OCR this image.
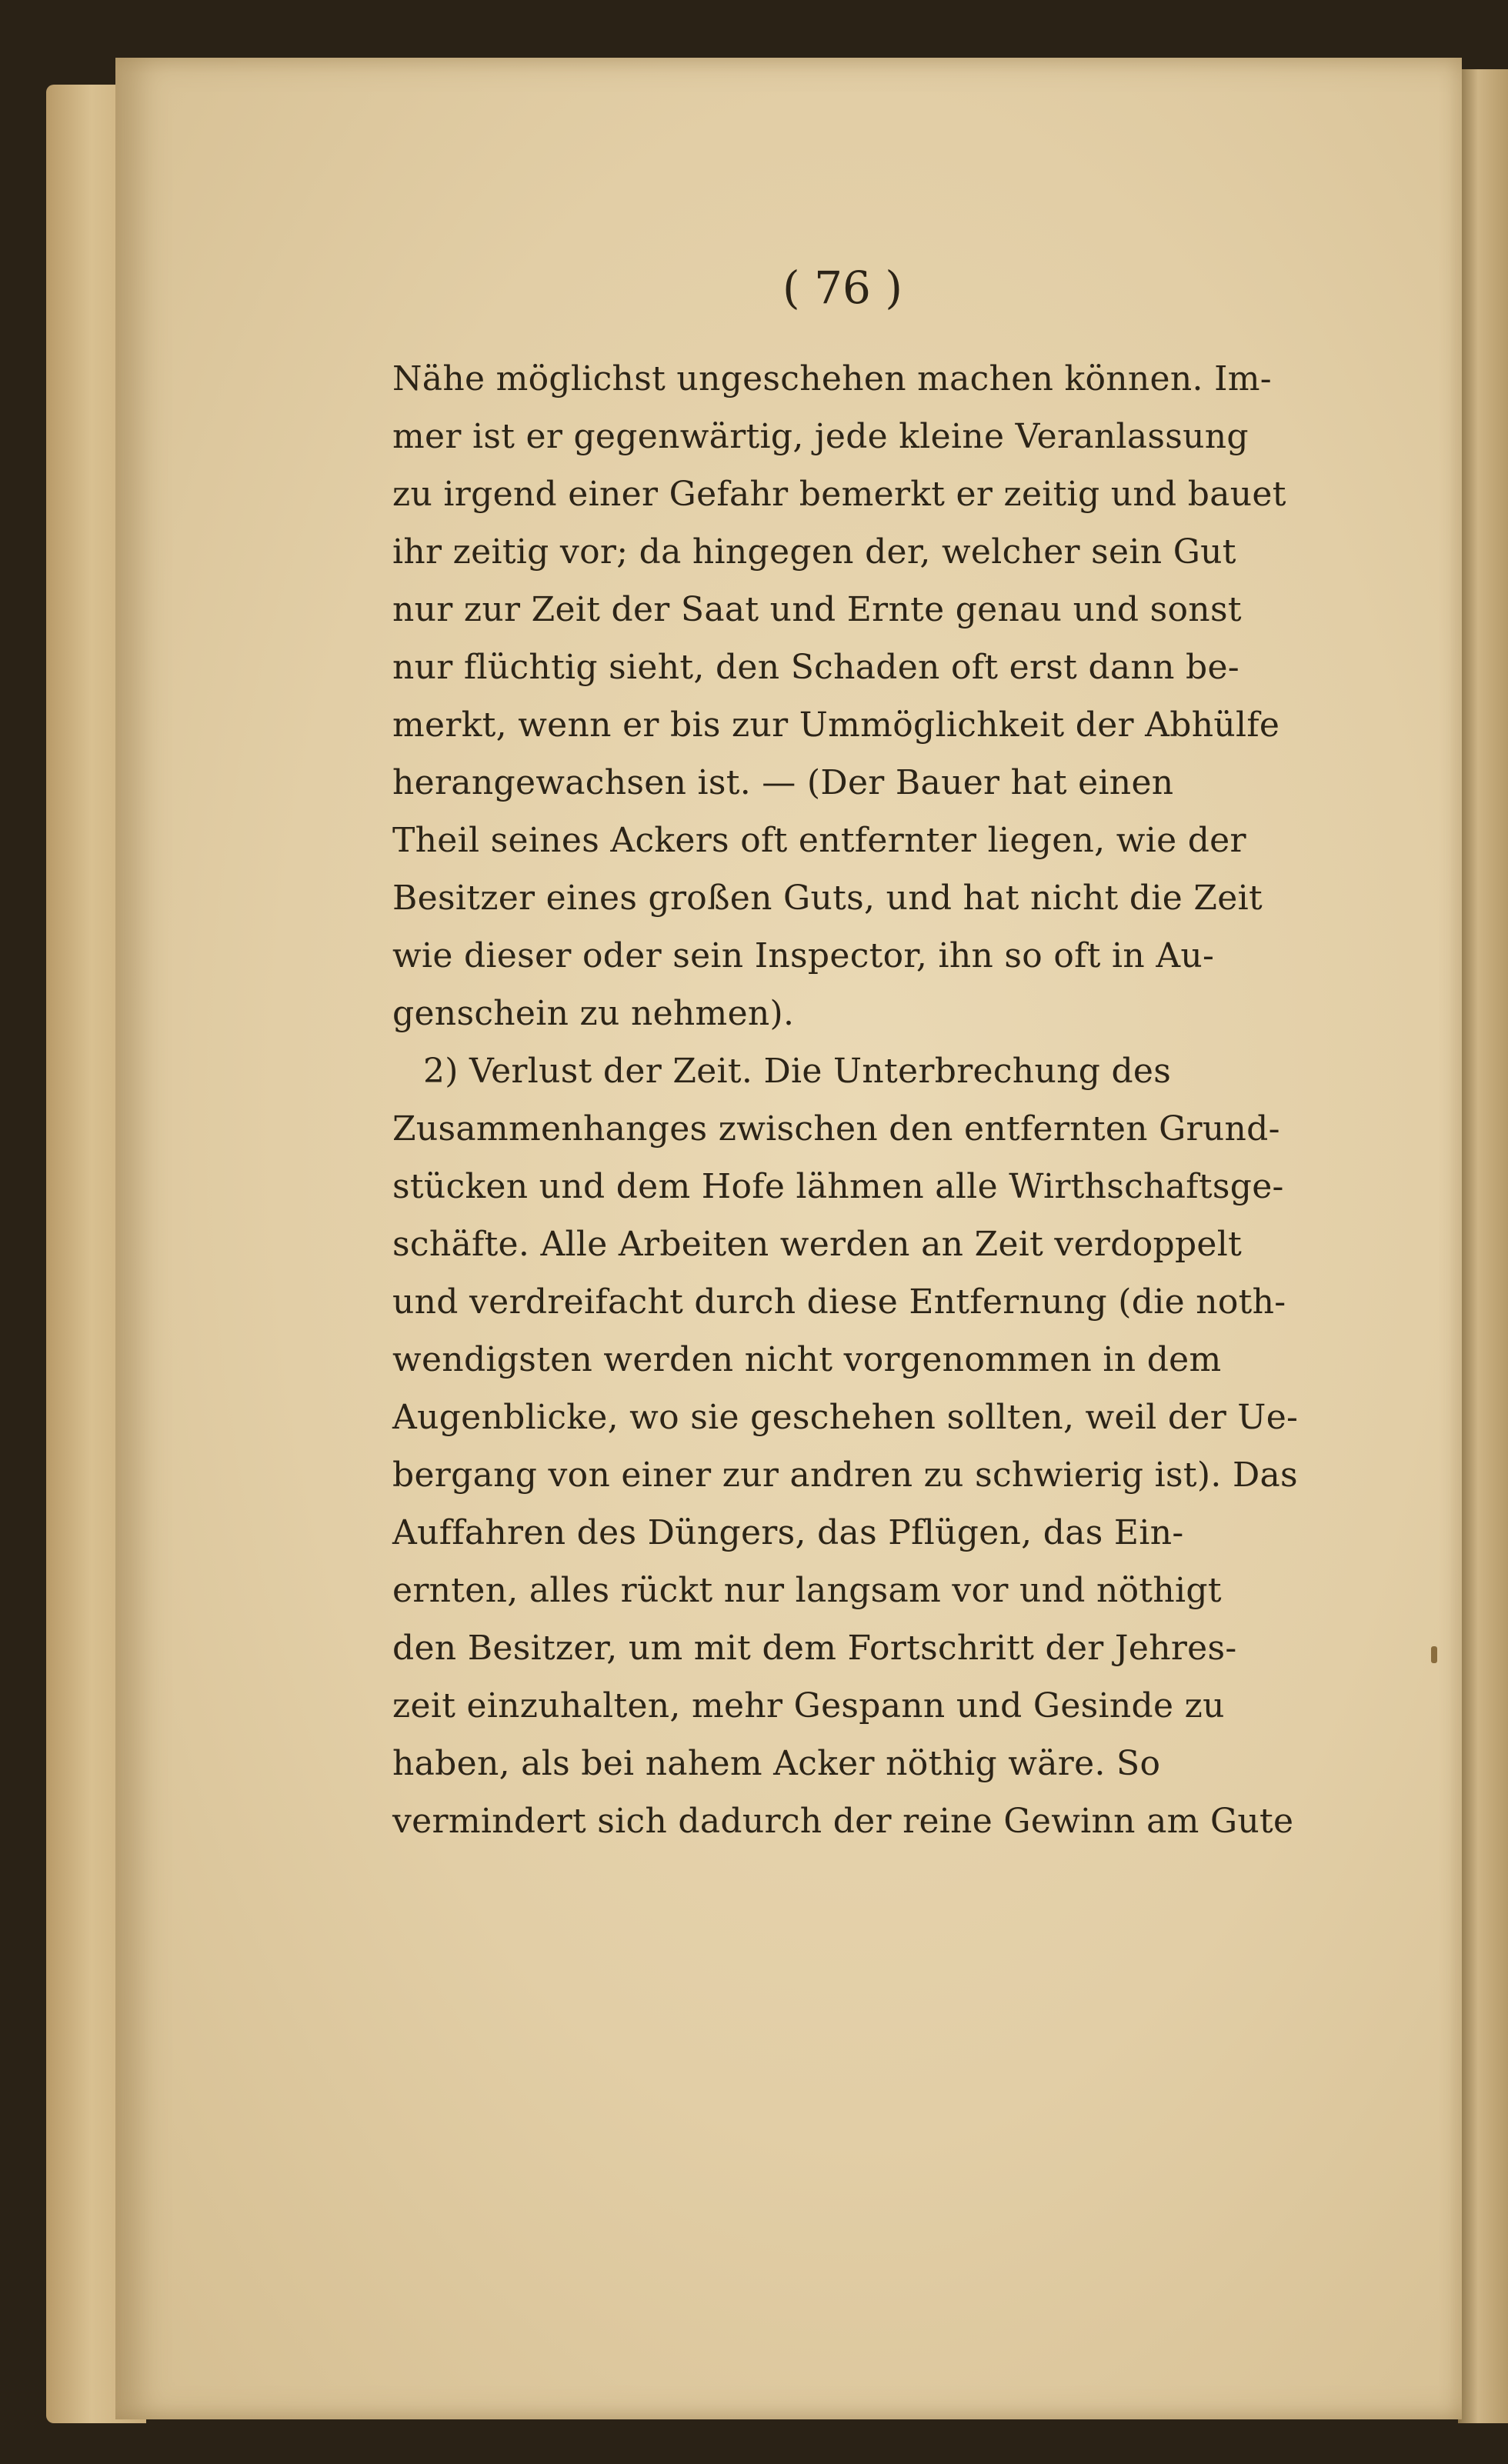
( 76 )
Nähe möglichst ungeschehen machen können. Im-
mer ist er gegenwärtig, jede kleine Veranlassung
zu irgend einer Gefahr bemerkt er zeitig und bauet
ihr zeitig vor; da hingegen der, welcher sein Gut
nur zur Zeit der Saat und Ernte genau und sonst
nur flüchtig sieht, den Schaden oft erst dann be-
merkt, wenn er bis zur Ummöglichkeit der Abhülfe
herangewachsen ist. — (Der Bauer hat einen
Theil seines Ackers oft entfernter liegen, wie der
Besitzer eines großen Guts, und hat nicht die Zeit
wie dieser oder sein Inspector, ihn so oft in Au-
genschein zu nehmen).
2) Verlust der Zeit. Die Unterbrechung des
Zusammenhanges zwischen den entfernten Grund-
stücken und dem Hofe lähmen alle Wirthschaftsge-
schäfte. Alle Arbeiten werden an Zeit verdoppelt
und verdreifacht durch diese Entfernung (die noth-
wendigsten werden nicht vorgenommen in dem
Augenblicke, wo sie geschehen sollten, weil der Ue-
bergang von einer zur andren zu schwierig ist). Das
Auffahren des Düngers, das Pflügen, das Ein-
ernten, alles rückt nur langsam vor und nöthigt
den Besitzer, um mit dem Fortschritt der Jehres-
zeit einzuhalten, mehr Gespann und Gesinde zu
haben, als bei nahem Acker nöthig wäre. So
vermindert sich dadurch der reine Gewinn am Gute
